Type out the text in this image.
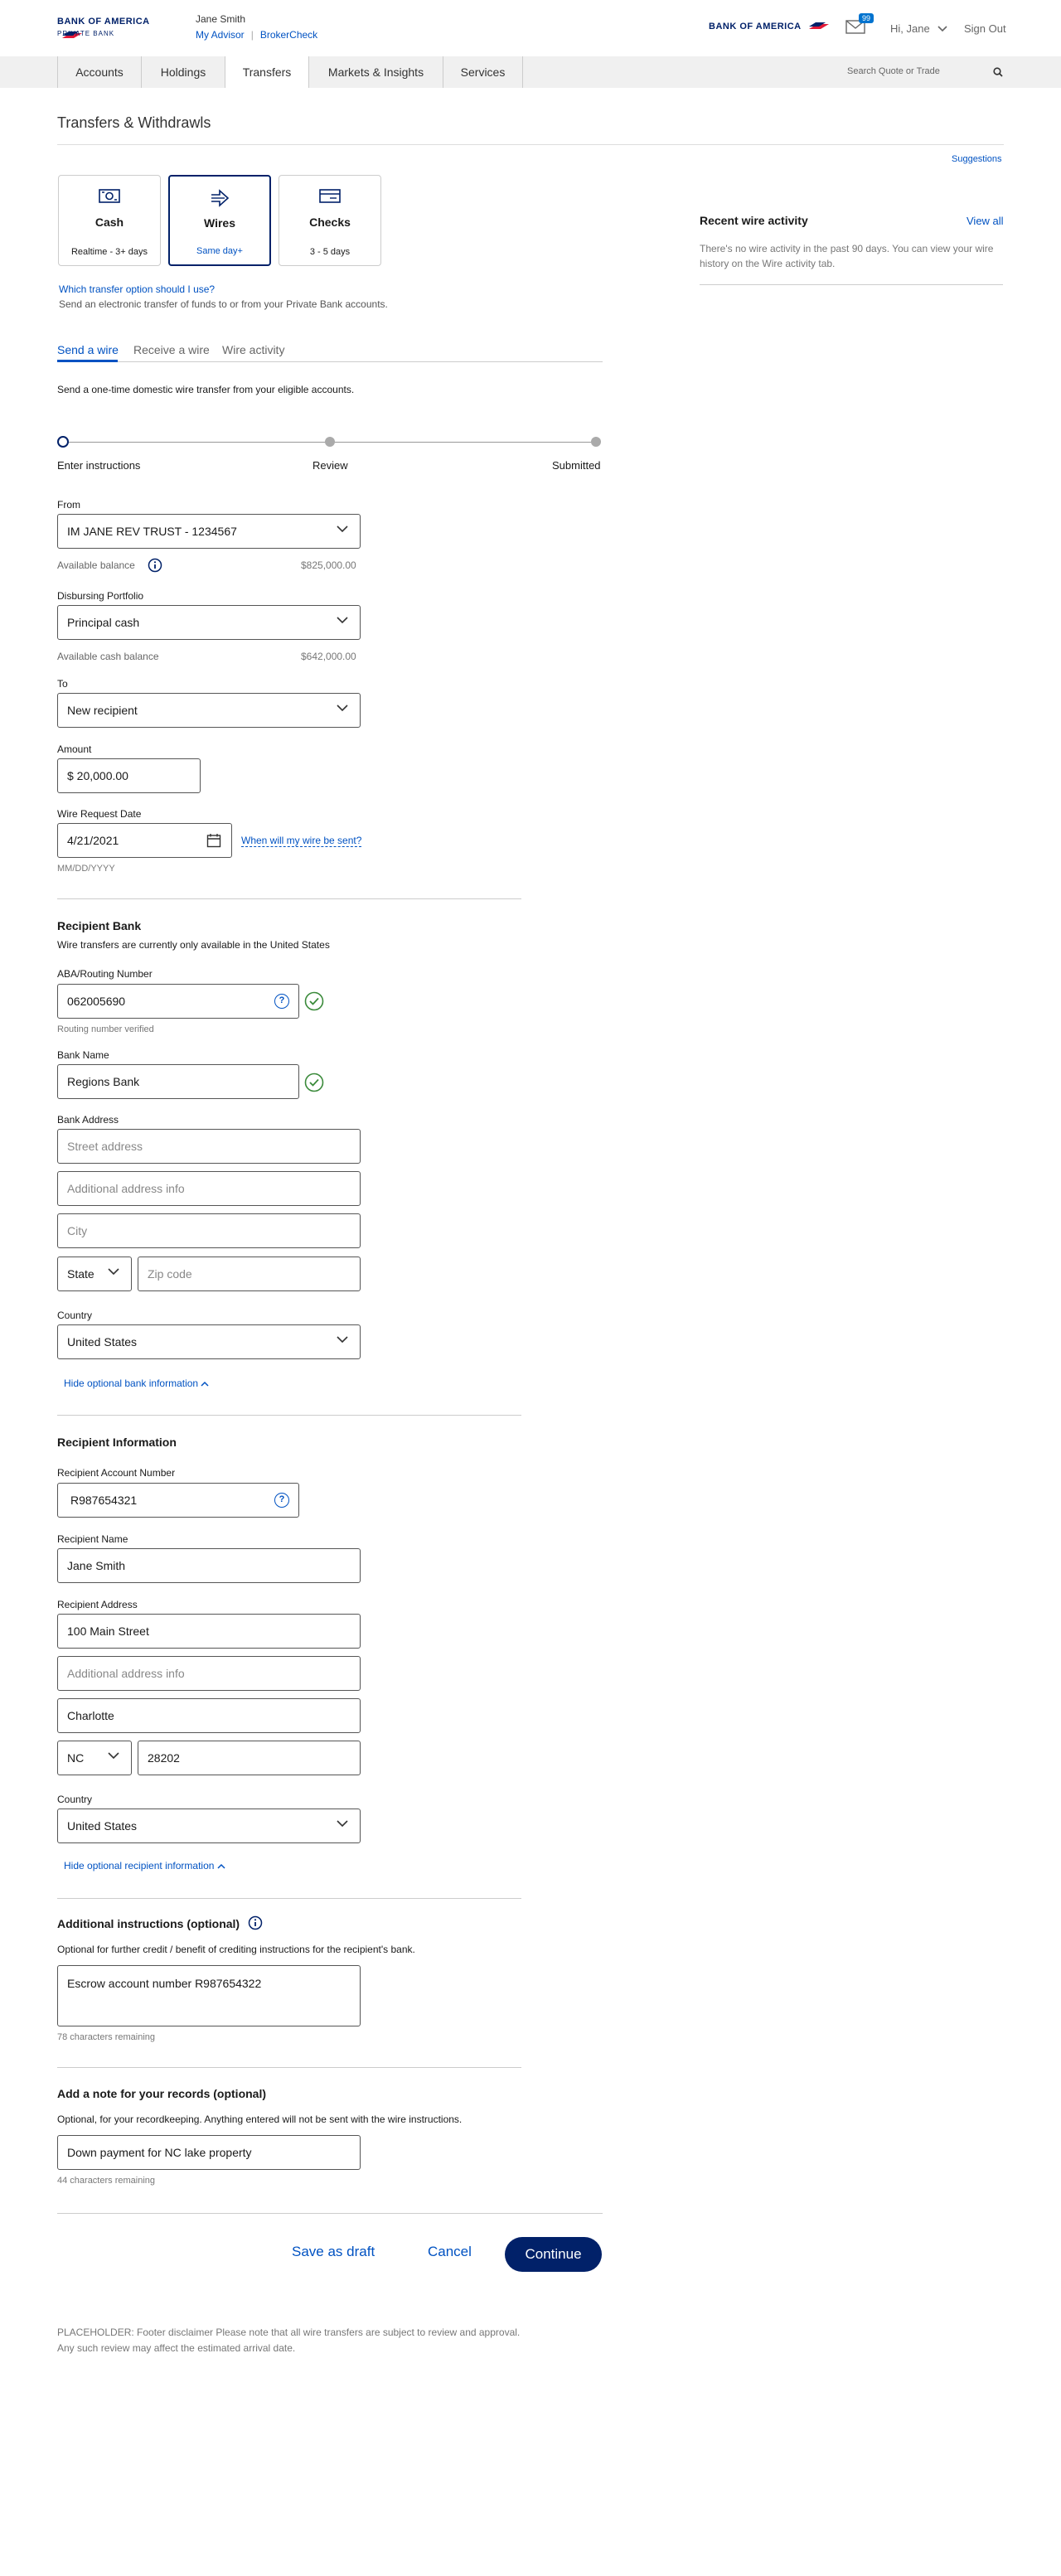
BANK OF AMERICA
PRIVATE BANK
Jane Smith
My Advisor | BrokerCheck
BANK OF AMERICA
99
Hi, Jane	Sign Out
Accounts	Holdings	Transfers	Markets & Insights	Services	Search Quote or Trade
Transfers & Withdrawls
Suggestions
Cash
Realtime - 3+ days
Wires
Same day+
Checks
3 - 5 days
Which transfer option should I use?
Send an electronic transfer of funds to or from your Private Bank accounts.
Send a wire Receive a wire Wire activity
Send a one-time domestic wire transfer from your eligible accounts.
Enter instructions	Review	Submitted
From
IM JANE REV TRUST - 1234567
Available balance	$825,000.00
Disbursing Portfolio
Principal cash
Available cash balance	$642,000.00
To
New recipient
Amount
$ 20,000.00
Wire Request Date
4/21/2021	When will my wire be sent?
MM/DD/YYYY
Recipient Bank
Wire transfers are currently only available in the United States
ABA/Routing Number
062005690	?
Routing number verified
Bank Name
Regions Bank
Bank Address
Street address
Additional address info
City
State	Zip code
Country
United States
Hide optional bank information
Recipient Information
Recipient Account Number
R987654321	?
Recipient Name
Jane Smith
Recipient Address
100 Main Street
Additional address info
Charlotte
NC	28202
Country
United States
Hide optional recipient information
Additional instructions (optional)
Optional for further credit / benefit of crediting instructions for the recipient's bank.
Escrow account number R987654322
78 characters remaining
Add a note for your records (optional)
Optional, for your recordkeeping. Anything entered will not be sent with the wire instructions.
Down payment for NC lake property
44 characters remaining
Save as draft	Cancel	Continue
PLACEHOLDER: Footer disclaimer Please note that all wire transfers are subject to review and approval. Any such review may affect the estimated arrival date.
Recent wire activity	View all
There's no wire activity in the past 90 days. You can view your wire history on the Wire activity tab.
